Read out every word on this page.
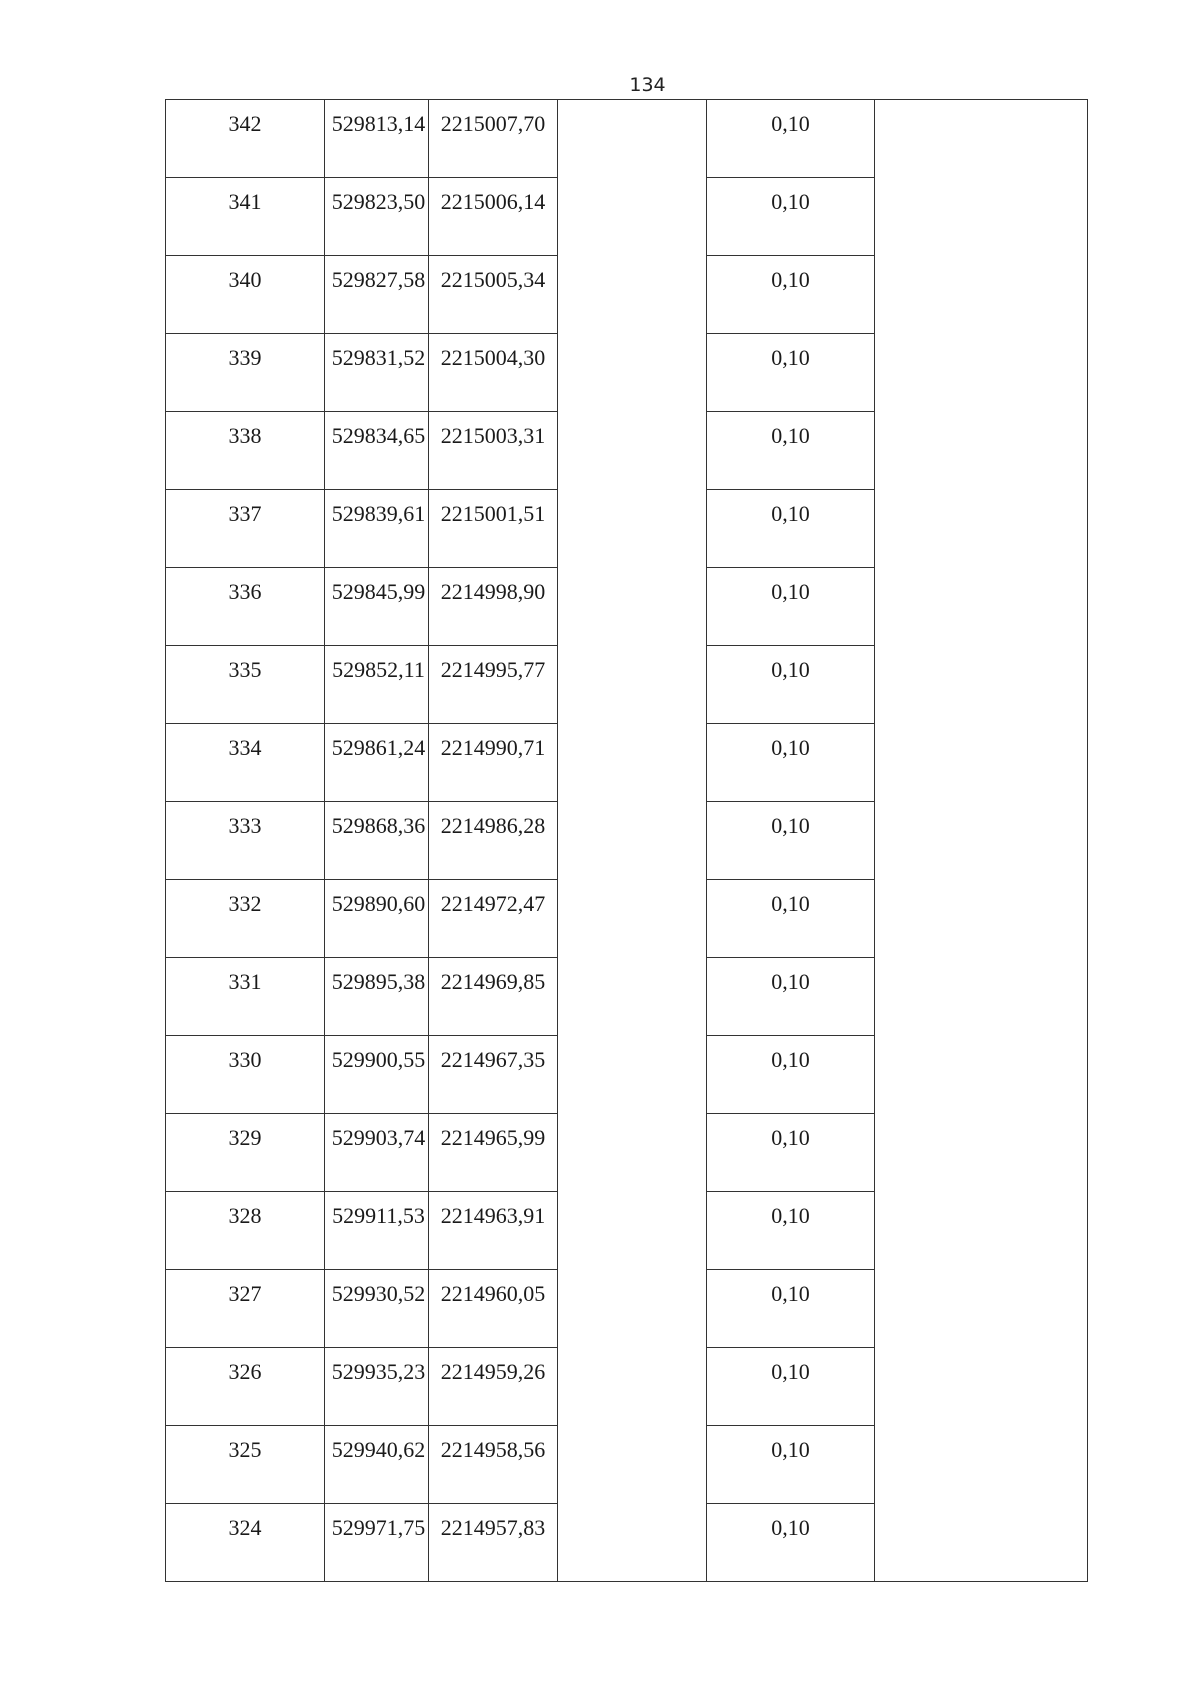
134
342	529813,14	2215007,70		0,10	

341	529823,50	2215006,14		0,10	

340	529827,58	2215005,34		0,10	

339	529831,52	2215004,30		0,10	

338	529834,65	2215003,31		0,10	

337	529839,61	2215001,51		0,10	

336	529845,99	2214998,90		0,10	

335	529852,11	2214995,77		0,10	

334	529861,24	2214990,71		0,10	

333	529868,36	2214986,28		0,10	

332	529890,60	2214972,47		0,10	

331	529895,38	2214969,85		0,10	

330	529900,55	2214967,35		0,10	

329	529903,74	2214965,99		0,10	

328	529911,53	2214963,91		0,10	

327	529930,52	2214960,05		0,10	

326	529935,23	2214959,26		0,10	

325	529940,62	2214958,56		0,10	

324	529971,75	2214957,83		0,10	
